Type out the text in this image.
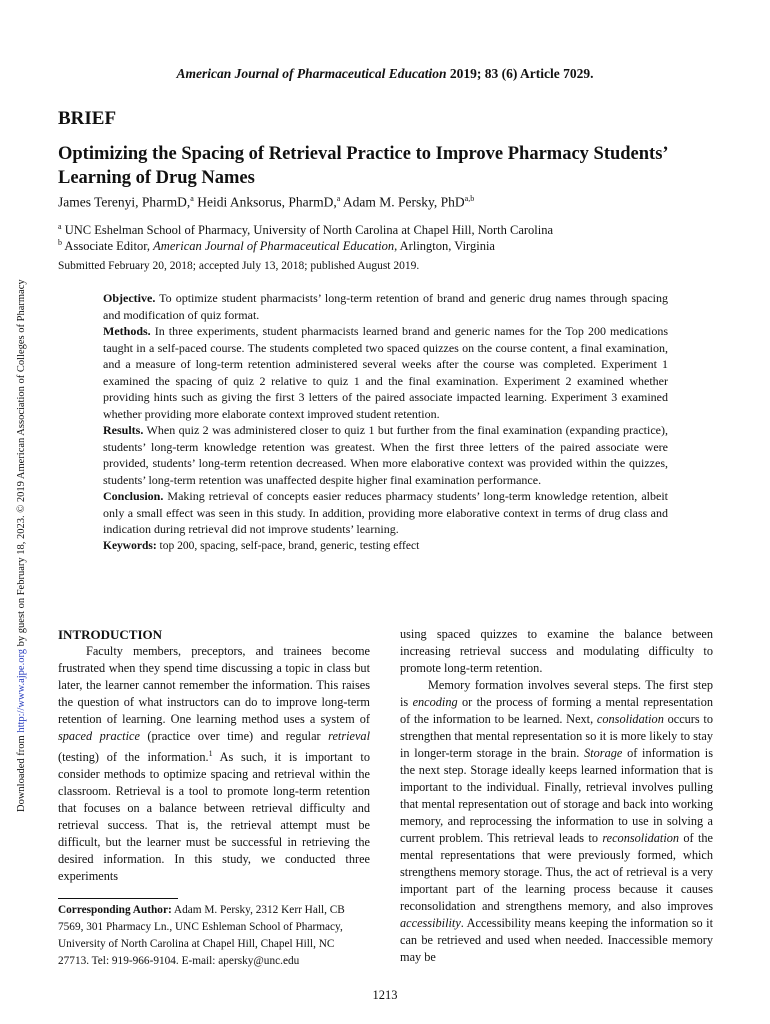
American Journal of Pharmaceutical Education 2019; 83 (6) Article 7029.
Downloaded from http://www.ajpe.org by guest on February 18, 2023. © 2019 American Association of Colleges of Pharmacy
BRIEF
Optimizing the Spacing of Retrieval Practice to Improve Pharmacy Students’ Learning of Drug Names
James Terenyi, PharmD,$^a$ Heidi Anksorus, PharmD,$^a$ Adam M. Persky, PhD$^{a,b}$
$^a$ UNC Eshelman School of Pharmacy, University of North Carolina at Chapel Hill, North Carolina
$^b$ Associate Editor, American Journal of Pharmaceutical Education, Arlington, Virginia
Submitted February 20, 2018; accepted July 13, 2018; published August 2019.

Objective. To optimize student pharmacists’ long-term retention of brand and generic drug names through spacing and modification of quiz format.

Methods. In three experiments, student pharmacists learned brand and generic names for the Top 200 medications taught in a self-paced course. The students completed two spaced quizzes on the course content, a final examination, and a measure of long-term retention administered several weeks after the course was completed. Experiment 1 examined the spacing of quiz 2 relative to quiz 1 and the final examination. Experiment 2 examined whether providing hints such as giving the first 3 letters of the paired associate impacted learning. Experiment 3 examined whether providing more elaborate context improved student retention.

Results. When quiz 2 was administered closer to quiz 1 but further from the final examination (expanding practice), students’ long-term knowledge retention was greatest. When the first three letters of the paired associate were provided, students’ long-term retention decreased. When more elaborative context was provided within the quizzes, students’ long-term retention was unaffected despite higher final examination performance.

Conclusion. Making retrieval of concepts easier reduces pharmacy students’ long-term knowledge retention, albeit only a small effect was seen in this study. In addition, providing more elaborative context in terms of drug class and indication during retrieval did not improve students’ learning.

Keywords: top 200, spacing, self-pace, brand, generic, testing effect

INTRODUCTION

Faculty members, preceptors, and trainees become frustrated when they spend time discussing a topic in class but later, the learner cannot remember the information. This raises the question of what instructors can do to improve long-term retention of learning. One learning method uses a system of spaced practice (practice over time) and regular retrieval (testing) of the information.$^1$ As such, it is important to consider methods to optimize spacing and retrieval within the classroom. Retrieval is a tool to promote long-term retention that focuses on a balance between retrieval difficulty and retrieval success. That is, the retrieval attempt must be difficult, but the learner must be successful in retrieving the desired information. In this study, we conducted three experiments

Corresponding Author: Adam M. Persky, 2312 Kerr Hall, CB 7569, 301 Pharmacy Ln., UNC Eshleman School of Pharmacy, University of North Carolina at Chapel Hill, Chapel Hill, NC 27713. Tel: 919-966-9104. E-mail: apersky@unc.edu

using spaced quizzes to examine the balance between increasing retrieval success and modulating difficulty to promote long-term retention.

Memory formation involves several steps. The first step is encoding or the process of forming a mental representation of the information to be learned. Next, consolidation occurs to strengthen that mental representation so it is more likely to stay in longer-term storage in the brain. Storage of information is the next step. Storage ideally keeps learned information that is important to the individual. Finally, retrieval involves pulling that mental representation out of storage and back into working memory, and reprocessing the information to use in solving a current problem. This retrieval leads to reconsolidation of the mental representations that were previously formed, which strengthens memory storage. Thus, the act of retrieval is a very important part of the learning process because it causes reconsolidation and strengthens memory, and also improves accessibility. Accessibility means keeping the information so it can be retrieved and used when needed. Inaccessible memory may be

1213
